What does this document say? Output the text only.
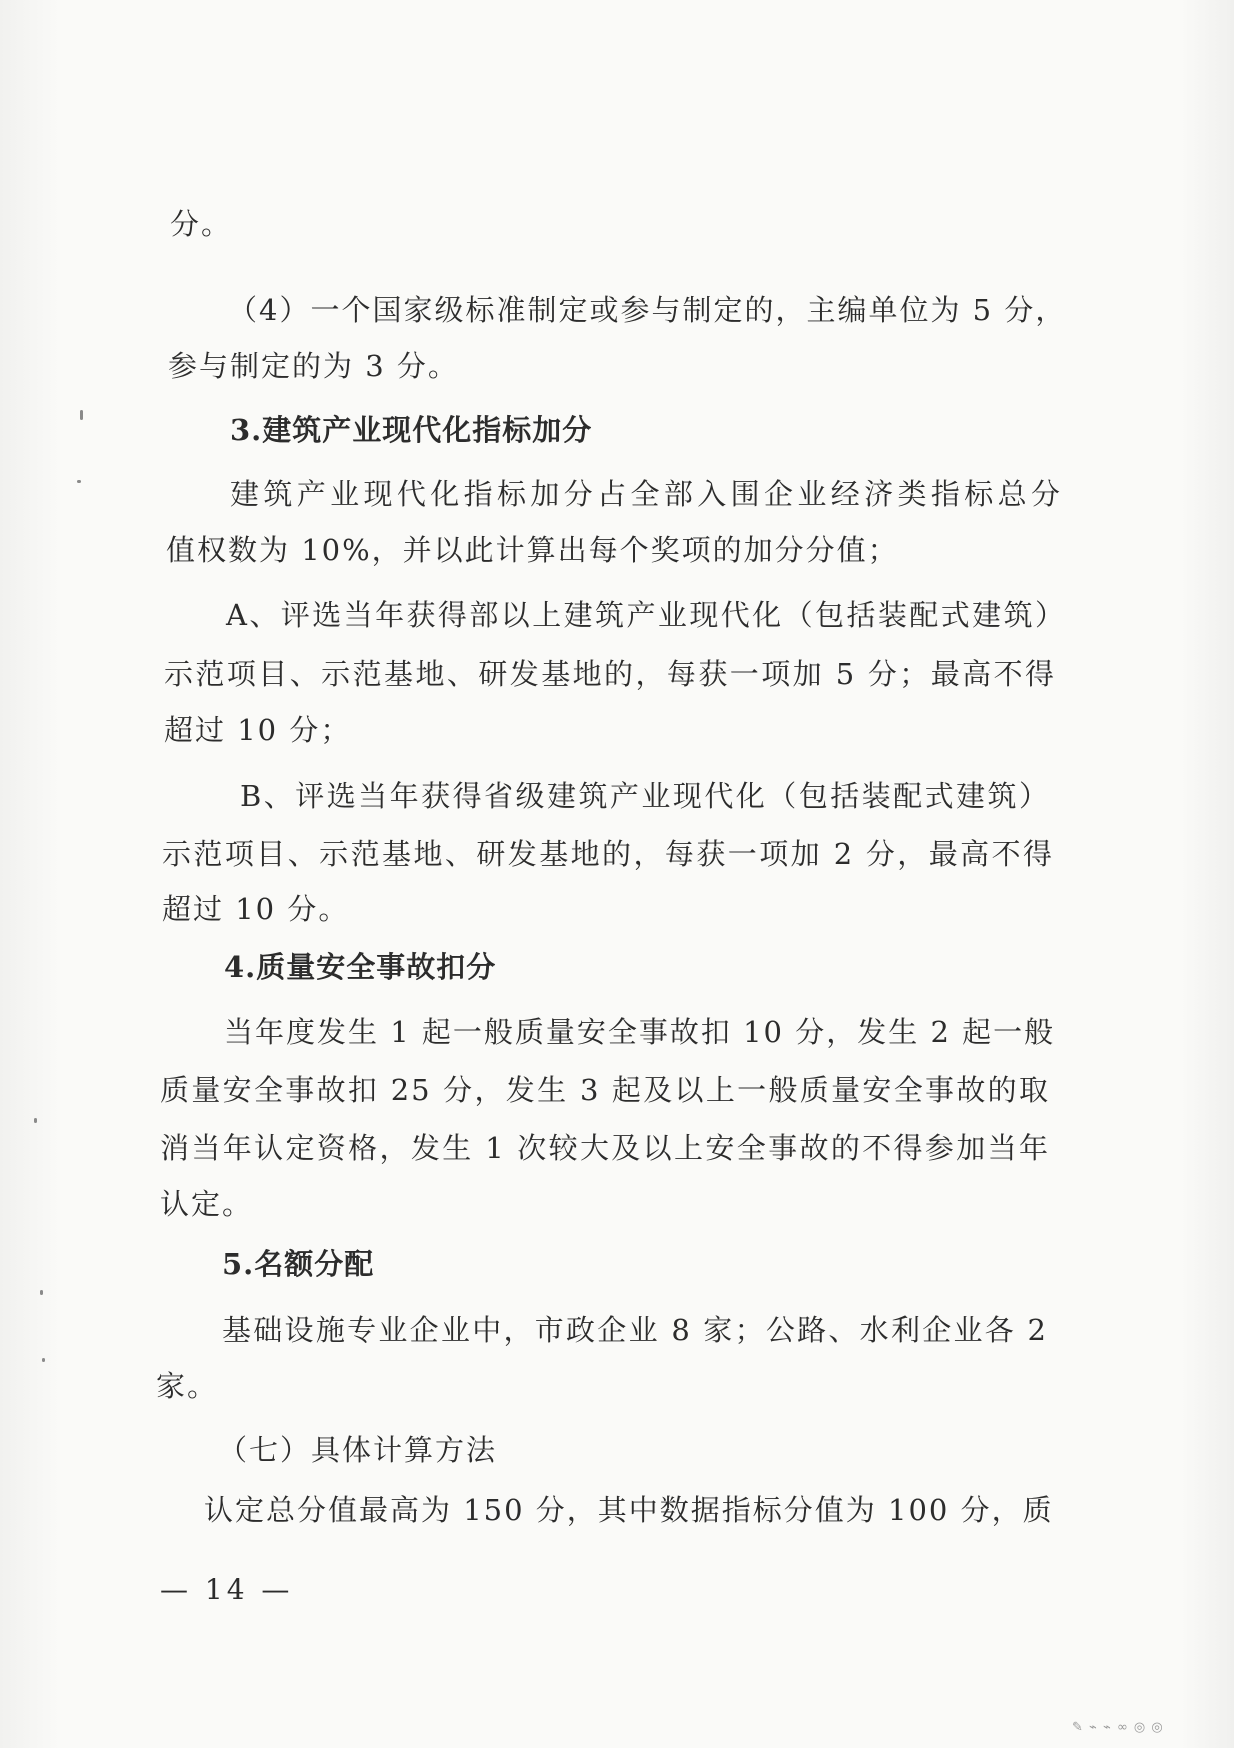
分。
（4）一个国家级标准制定或参与制定的，主编单位为 5 分，
参与制定的为 3 分。
3.建筑产业现代化指标加分
建筑产业现代化指标加分占全部入围企业经济类指标总分
值权数为 10%，并以此计算出每个奖项的加分分值；
A、评选当年获得部以上建筑产业现代化（包括装配式建筑）
示范项目、示范基地、研发基地的，每获一项加 5 分；最高不得
超过 10 分；
B、评选当年获得省级建筑产业现代化（包括装配式建筑）
示范项目、示范基地、研发基地的，每获一项加 2 分，最高不得
超过 10 分。
4.质量安全事故扣分
当年度发生 1 起一般质量安全事故扣 10 分，发生 2 起一般
质量安全事故扣 25 分，发生 3 起及以上一般质量安全事故的取
消当年认定资格，发生 1 次较大及以上安全事故的不得参加当年
认定。
5.名额分配
基础设施专业企业中，市政企业 8 家；公路、水利企业各 2
家。
（七）具体计算方法
认定总分值最高为 150 分，其中数据指标分值为 100 分，质
— 14 —
✎ ⌁ ⌁ ∞ ◎ ◎
